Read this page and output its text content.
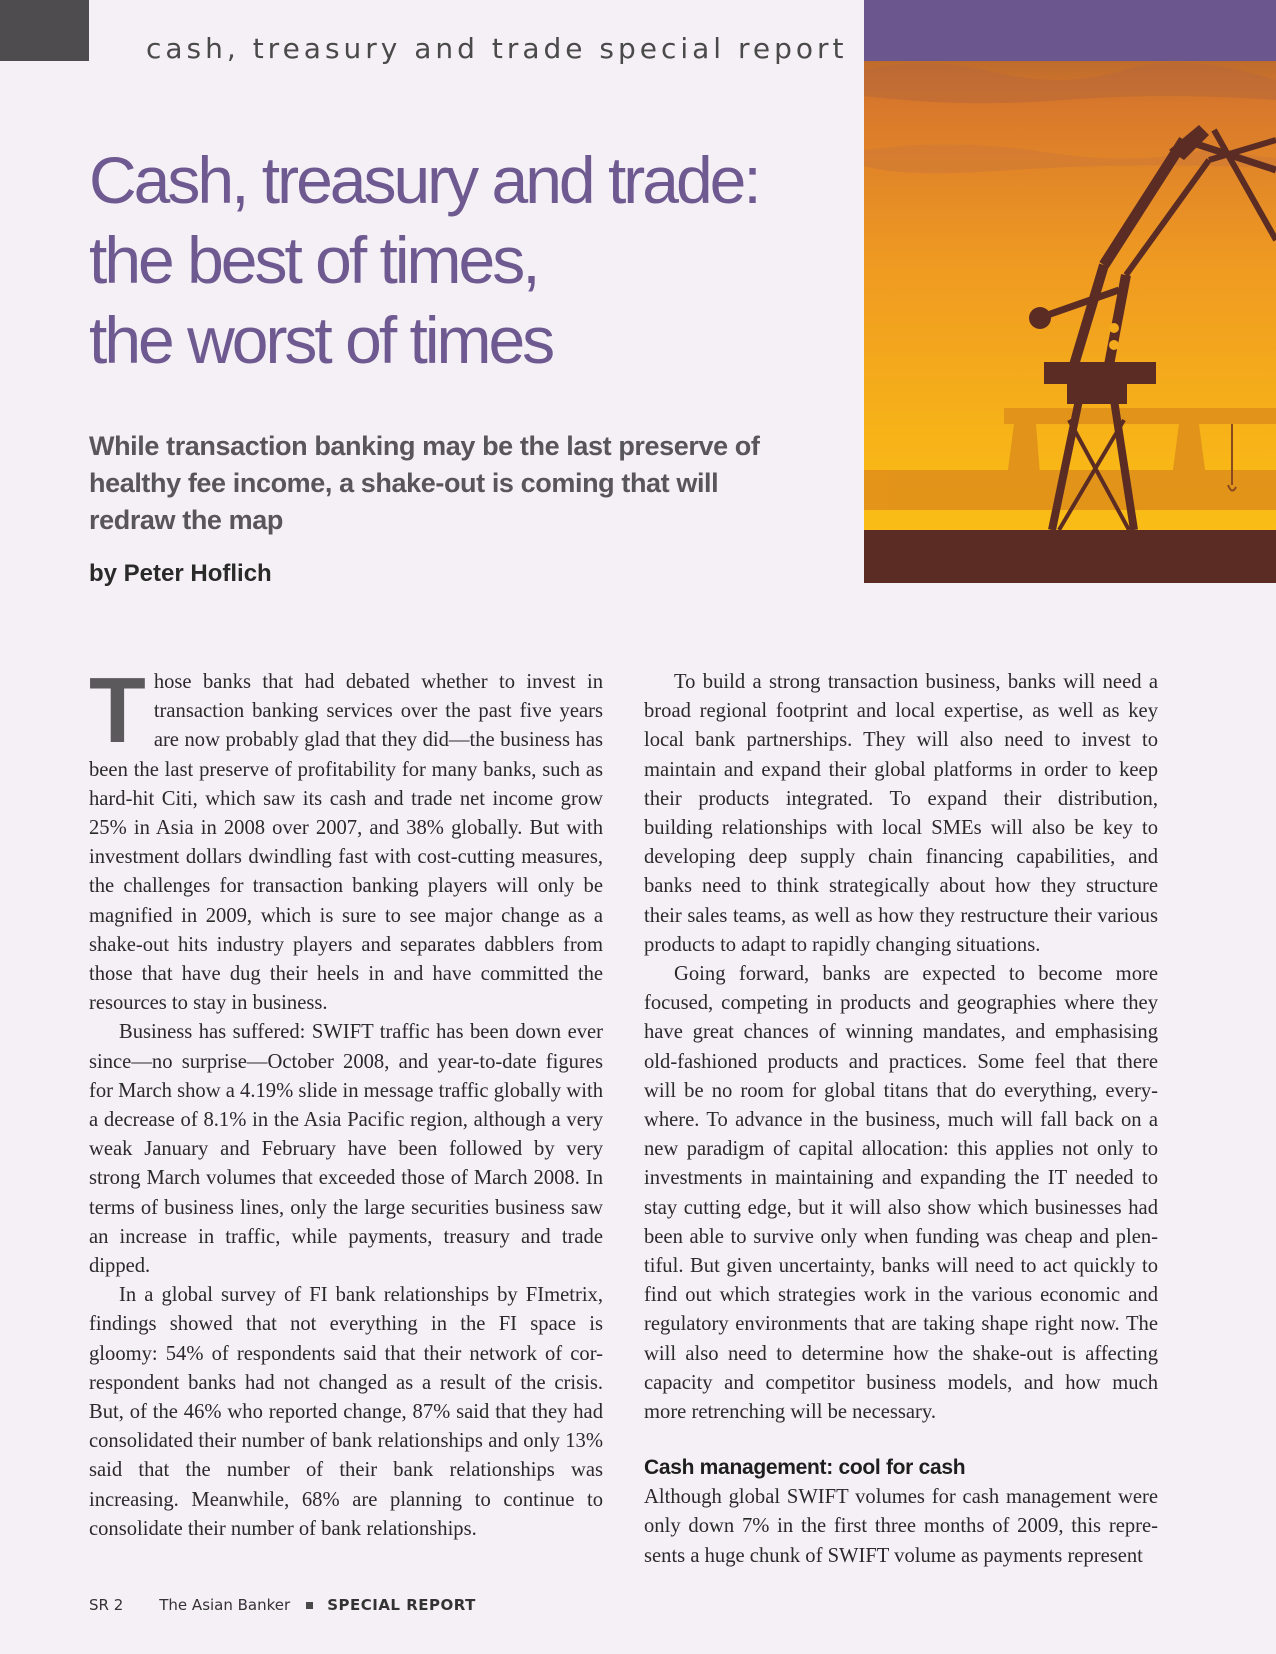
cash, treasury and trade special report
Cash, treasury and trade:
the best of times,
the worst of times

While transaction banking may be the last preserve of healthy fee income, a shake-out is coming that will redraw the map

by Peter Hoflich

Those banks that had debated whether to invest in transaction banking services over the past five years are now probably glad that they did—the business has been the last preserve of profitability for many banks, such as hard-hit Citi, which saw its cash and trade net income grow 25% in Asia in 2008 over 2007, and 38% globally. But with investment dollars dwindling fast with cost-cutting measures, the challenges for transaction banking players will only be magnified in 2009, which is sure to see major change as a shake-out hits industry players and separates dabblers from those that have dug their heels in and have committed the resources to stay in business.

Business has suffered: SWIFT traffic has been down ever since—no surprise—October 2008, and year-to-date figures for March show a 4.19% slide in message traffic globally with a decrease of 8.1% in the Asia Pacific region, although a very weak January and February have been followed by very strong March volumes that exceeded those of March 2008. In terms of business lines, only the large securities business saw an increase in traffic, while payments, treasury and trade dipped.

In a global survey of FI bank relationships by FImetrix, findings showed that not everything in the FI space is gloomy: 54% of respondents said that their network of cor-respondent banks had not changed as a result of the crisis. But, of the 46% who reported change, 87% said that they had consolidated their number of bank relationships and only 13% said that the number of their bank relationships was increasing. Meanwhile, 68% are planning to continue to consolidate their number of bank relationships.

To build a strong transaction business, banks will need a broad regional footprint and local expertise, as well as key local bank partnerships. They will also need to invest to maintain and expand their global platforms in order to keep their products integrated. To expand their distribution, building relationships with local SMEs will also be key to developing deep supply chain financing capabilities, and banks need to think strategically about how they structure their sales teams, as well as how they restructure their various products to adapt to rapidly changing situations.

Going forward, banks are expected to become more focused, competing in products and geographies where they have great chances of winning mandates, and emphasising old-fashioned products and practices. Some feel that there will be no room for global titans that do everything, every-where. To advance in the business, much will fall back on a new paradigm of capital allocation: this applies not only to investments in maintaining and expanding the IT needed to stay cutting edge, but it will also show which businesses had been able to survive only when funding was cheap and plen-tiful. But given uncertainty, banks will need to act quickly to find out which strategies work in the various economic and regulatory environments that are taking shape right now. The will also need to determine how the shake-out is affecting capacity and competitor business models, and how much more retrenching will be necessary.

Cash management: cool for cash

Although global SWIFT volumes for cash management were only down 7% in the first three months of 2009, this repre-sents a huge chunk of SWIFT volume as payments represent

SR 2 The Asian Banker SPECIAL REPORT
